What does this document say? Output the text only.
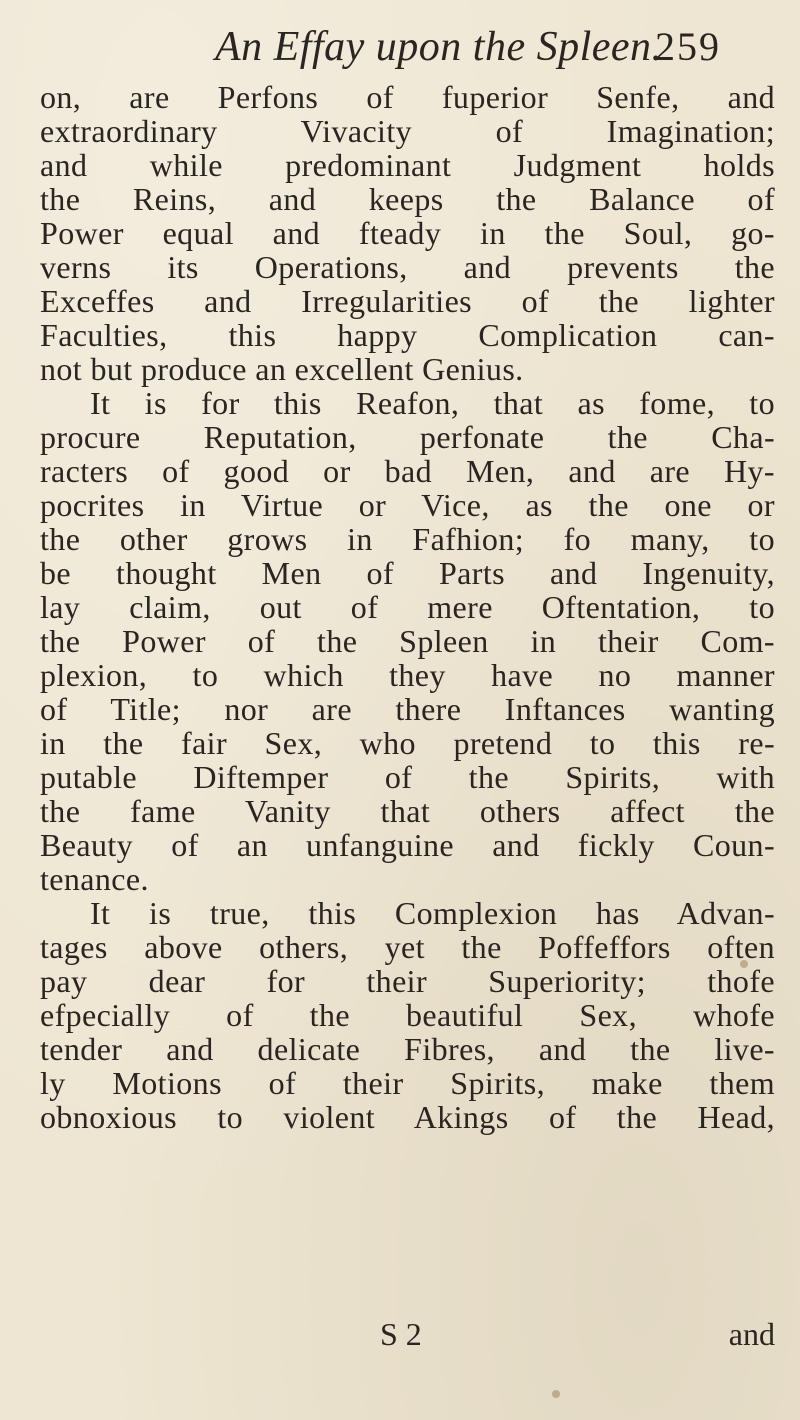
An Effay upon the Spleen.
259
on, are Perfons of fuperior Senfe, and
extraordinary Vivacity of Imagination;
and while predominant Judgment holds
the Reins, and keeps the Balance of
Power equal and fteady in the Soul, go-
verns its Operations, and prevents the
Exceffes and Irregularities of the lighter
Faculties, this happy Complication can-
not but produce an excellent Genius.
It is for this Reafon, that as fome, to
procure Reputation, perfonate the Cha-
racters of good or bad Men, and are Hy-
pocrites in Virtue or Vice, as the one or
the other grows in Fafhion; fo many, to
be thought Men of Parts and Ingenuity,
lay claim, out of mere Oftentation, to
the Power of the Spleen in their Com-
plexion, to which they have no manner
of Title; nor are there Inftances wanting
in the fair Sex, who pretend to this re-
putable Diftemper of the Spirits, with
the fame Vanity that others affect the
Beauty of an unfanguine and fickly Coun-
tenance.
It is true, this Complexion has Advan-
tages above others, yet the Poffeffors often
pay dear for their Superiority; thofe
efpecially of the beautiful Sex, whofe
tender and delicate Fibres, and the live-
ly Motions of their Spirits, make them
obnoxious to violent Akings of the Head,
S 2	and
